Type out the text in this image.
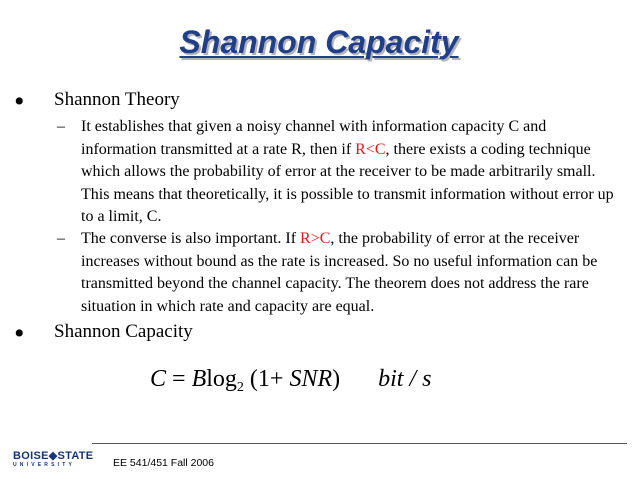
Shannon Capacity
• Shannon Theory
– It establishes that given a noisy channel with information capacity C and information transmitted at a rate R, then if R<C, there exists a coding technique which allows the probability of error at the receiver to be made arbitrarily small. This means that theoretically, it is possible to transmit information without error up to a limit, C.
– The converse is also important. If R>C, the probability of error at the receiver increases without bound as the rate is increased. So no useful information can be transmitted beyond the channel capacity. The theorem does not address the rare situation in which rate and capacity are equal.
• Shannon Capacity
C = Blog$_2$ (1+ SNR) bit / s
BOISE◆STATE
UNIVERSITY	EE 541/451 Fall 2006
